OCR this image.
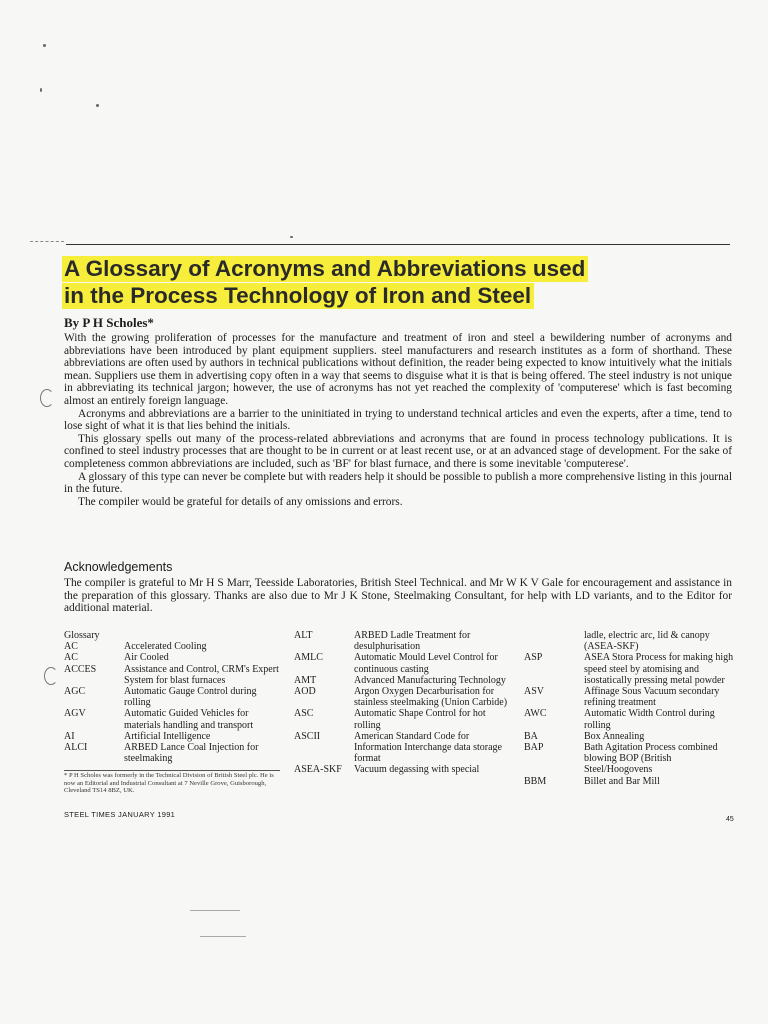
A Glossary of Acronyms and Abbreviations used
in the Process Technology of Iron and Steel
By P H Scholes*

With the growing proliferation of processes for the manufacture and treatment of iron and steel a bewildering number of acronyms and abbreviations have been introduced by plant equipment suppliers. steel manufacturers and research institutes as a form of shorthand. These abbreviations are often used by authors in technical publications without definition, the reader being expected to know intuitively what the initials mean. Suppliers use them in advertising copy often in a way that seems to disguise what it is that is being offered. The steel industry is not unique in abbreviating its technical jargon; however, the use of acronyms has not yet reached the complexity of 'computerese' which is fast becoming almost an entirely foreign language.

Acronyms and abbreviations are a barrier to the uninitiated in trying to understand technical articles and even the experts, after a time, tend to lose sight of what it is that lies behind the initials.

This glossary spells out many of the process-related abbreviations and acronyms that are found in process technology publications. It is confined to steel industry processes that are thought to be in current or at least recent use, or at an advanced stage of development. For the sake of completeness common abbreviations are included, such as 'BF' for blast furnace, and there is some inevitable 'computerese'.

A glossary of this type can never be complete but with readers help it should be possible to publish a more comprehensive listing in this journal in the future.

The compiler would be grateful for details of any omissions and errors.

Acknowledgements

The compiler is grateful to Mr H S Marr, Teesside Laboratories, British Steel Technical. and Mr W K V Gale for encouragement and assistance in the preparation of this glossary. Thanks are also due to Mr J K Stone, Steelmaking Consultant, for help with LD variants, and to the Editor for additional material.

Glossary
AC	Accelerated Cooling
AC	Air Cooled
ACCES	Assistance and Control, CRM's Expert System for blast furnaces
AGC	Automatic Gauge Control during rolling
AGV	Automatic Guided Vehicles for materials handling and transport
AI	Artificial Intelligence
ALCI	ARBED Lance Coal Injection for steelmaking
ALT	ARBED Ladle Treatment for desulphurisation
AMLC	Automatic Mould Level Control for continuous casting
AMT	Advanced Manufacturing Technology
AOD	Argon Oxygen Decarburisation for stainless steelmaking (Union Carbide)
ASC	Automatic Shape Control for hot rolling
ASCII	American Standard Code for Information Interchange data storage format
ASEA-SKF Vacuum degassing with special
ladle, electric arc, lid & canopy (ASEA-SKF)
ASP	ASEA Stora Process for making high speed steel by atomising and isostatically pressing metal powder
ASV	Affinage Sous Vacuum secondary refining treatment
AWC	Automatic Width Control during rolling
BA	Box Annealing
BAP	Bath Agitation Process combined blowing BOP (British Steel/Hoogovens
BBM	Billet and Bar Mill
* P H Scholes was formerly in the Technical Division of British Steel plc. He is now an Editorial and Industrial Consultant at 7 Neville Grove, Guisborough, Cleveland TS14 8BZ, UK.
STEEL TIMES JANUARY 1991
45
